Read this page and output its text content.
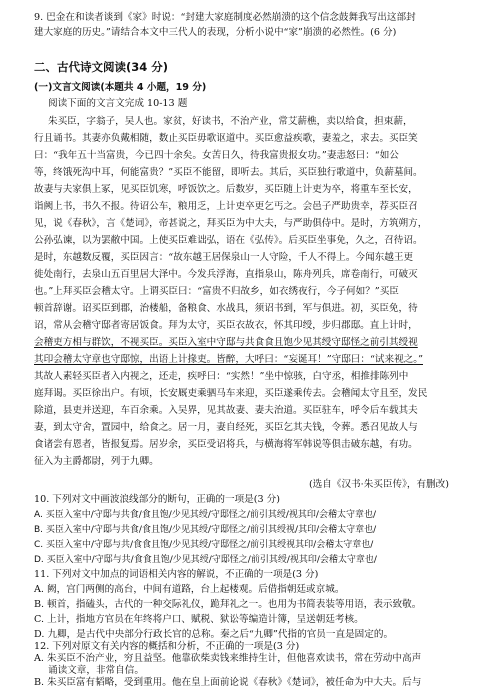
9. 巴金在和读者谈到《家》时说：“封建大家庭制度必然崩溃的这个信念鼓舞我写出这部封
建大家庭的历史。”请结合本文中三代人的表现，分析小说中“家”崩溃的必然性。(6 分)
二、古代诗文阅读(34 分)
(一)文言文阅读(本题共 4 小题，19 分)
阅读下面的文言文完成 10-13 题
朱买臣，字翁子，吴人也。家贫，好读书，不治产业，常艾薪樵，卖以给食，担束薪，
行且诵书。其妻亦负戴相随，数止买臣毋歌讴道中。买臣愈益疾歌，妻羞之，求去。买臣笑
曰：“我年五十当富贵，今已四十余矣。女苦日久，待我富贵报女功。”妻恚怒曰：“如公
等，终饿死沟中耳，何能富贵？”买臣不能留，即听去。其后，买臣独行歌道中，负薪墓间。
故妻与夫家俱上冢，见买臣饥寒，呼饭饮之。后数岁，买臣随上计吏为卒，将重车至长安，
诣阙上书，书久不报。待诏公车，粮用乏，上计吏卒更乞丐之。会邑子严助贵幸，荐买臣召
见，说《春秋》，言《楚词》，帝甚说之，拜买臣为中大夫，与严助俱侍中。是时，方筑朔方，
公孙弘谏，以为罢敝中国。上使买臣难诎弘，语在《弘传》。后买臣坐事免，久之，召待诏。
是时，东越数反覆，买臣因言：“故东越王居保泉山一人守险，千人不得上。今闻东越王更
徙处南行，去泉山五百里居大泽中。今发兵浮海，直指泉山，陈舟列兵，席卷南行，可破灭
也。”上拜买臣会稽太守。上谓买臣曰：“富贵不归故乡，如衣绣夜行，今子何如？”买臣
顿首辞谢。诏买臣到郡，治楼船，备粮食、水战具，须诏书到，军与俱进。初，买臣免，待
诏，常从会稽守邸者寄居饭食。拜为太守，买臣衣故衣，怀其印绶，步归郡邸。直上计时，
会稽吏方相与群饮，不视买臣。买臣入室中守邸与共食食且饱少见其绶守邸怪之前引其绶视
其印会稽太守章也守邸惊，出语上计掾吏。皆醉，大呼曰：“妄诞耳！”守邸曰：“试来视之。”
其故人素轻买臣者入内视之，还走，疾呼曰：“实然！”坐中惊骇，白守丞，相推排陈列中
庭拜谒。买臣徐出户。有顷，长安厩吏乘驷马车来迎，买臣遂乘传去。会稽闻太守且至，发民
除道，县吏并送迎，车百余乘。入吴界，见其故妻、妻夫治道。买臣驻车，呼令后车载其夫
妻，到太守舍，置园中，给食之。居一月，妻自经死，买臣乞其夫钱，令葬。悉召见故人与
食诸尝有恩者，皆报复焉。居岁余，买臣受诏将兵，与横海将军韩说等俱击破东越，有功。
征入为主爵都尉，列于九卿。
(选自《汉书·朱买臣传》，有删改)
10. 下列对文中画波浪线部分的断句，正确的一项是(3 分)
A. 买臣入室中/守邸与共食/食且饱/少见其绶/守邸怪之/前引其绶/视其印/会稽太守章也/
B. 买臣入室中/守邸与共食/食且饱/少见其绶/守邸怪之/前引其绶视/其印/会稽太守章也/
C. 买臣入室中/守邸与共/食食且饱/少见其绶/守邸怪之/前引其绶视其印/会稽太守章也/
D. 买臣入室中/守邸与共/食食且饱/少见其绶/守邸怪之/前引其绶/视其印/会稽太守章也/
11. 下列对文中加点的词语相关内容的解说，不正确的一项是(3 分)
A. 阙，宫门两侧的高台，中间有道路，台上起楼观。后借指朝廷或京城。
B. 顿首，指磕头，古代的一种交际礼仪，跪拜礼之一。也用为书简表装等用语，表示致敬。
C. 上计，指地方官员在年终将户口、赋税、狱讼等编造计簿，呈送朝廷考核。
D. 九卿，是古代中央部分行政长官的总称。秦之后“九卿”代指的官员一直是固定的。
12. 下列对原文有关内容的概括和分析，不正确的一项是(3 分)
A. 朱买臣不治产业，穷且益坚。他靠砍柴卖钱来维持生计，但他喜欢读书，常在劳动中高声
诵读文章，非常自信。
B. 朱买臣富有韬略，受到重用。他在皇上面前论说《春秋》《楚词》，被任命为中大夫。后与
